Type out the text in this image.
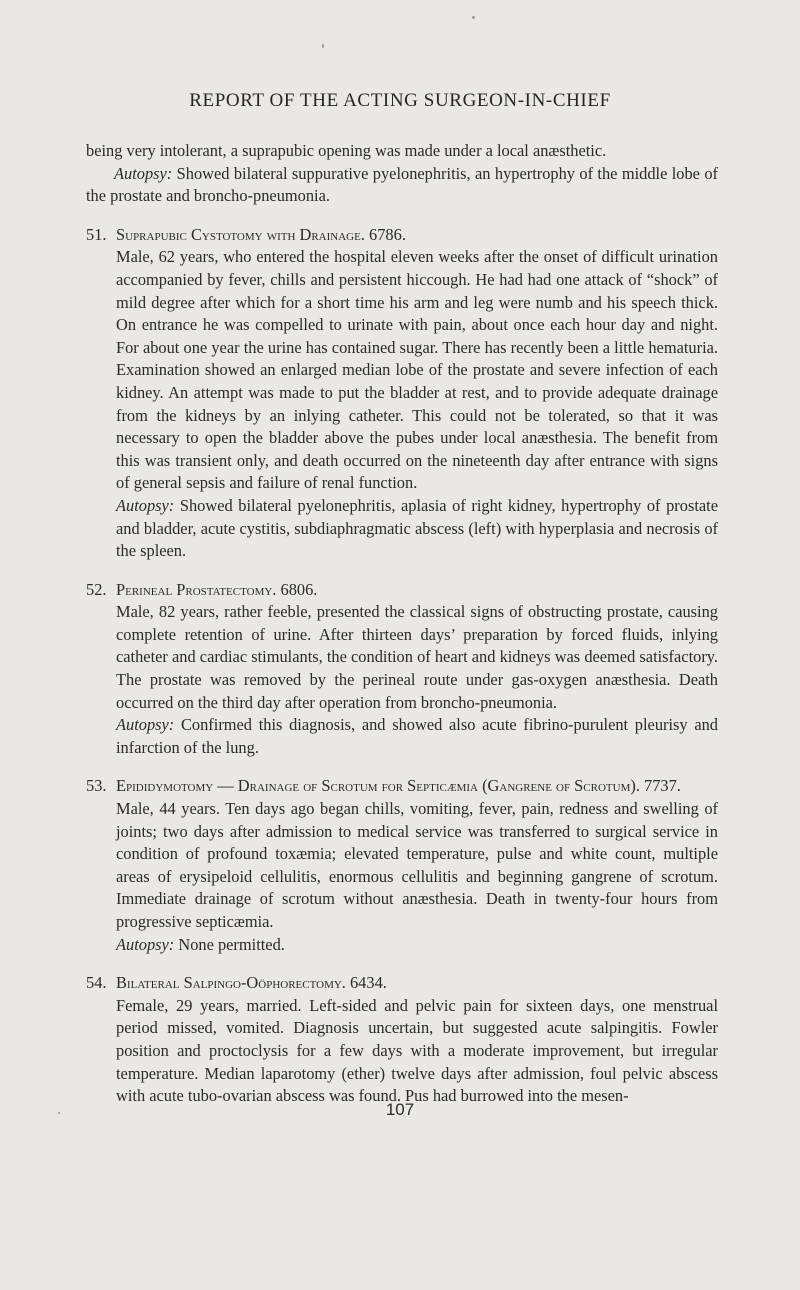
REPORT OF THE ACTING SURGEON-IN-CHIEF

being very intolerant, a suprapubic opening was made under a local anæsthetic.

Autopsy: Showed bilateral suppurative pyelonephritis, an hypertrophy of the middle lobe of the prostate and broncho-pneumonia.

51. Suprapubic Cystotomy with Drainage. 6786.

Male, 62 years, who entered the hospital eleven weeks after the onset of difficult urination accompanied by fever, chills and persistent hiccough. He had had one attack of “shock” of mild degree after which for a short time his arm and leg were numb and his speech thick. On entrance he was compelled to urinate with pain, about once each hour day and night. For about one year the urine has contained sugar. There has recently been a little hematuria. Examination showed an enlarged median lobe of the prostate and severe infection of each kidney. An attempt was made to put the bladder at rest, and to provide adequate drainage from the kidneys by an inlying catheter. This could not be tolerated, so that it was necessary to open the bladder above the pubes under local anæsthesia. The benefit from this was transient only, and death occurred on the nineteenth day after entrance with signs of general sepsis and failure of renal function.

Autopsy: Showed bilateral pyelonephritis, aplasia of right kidney, hypertrophy of prostate and bladder, acute cystitis, subdiaphragmatic abscess (left) with hyperplasia and necrosis of the spleen.

52. Perineal Prostatectomy. 6806.

Male, 82 years, rather feeble, presented the classical signs of obstructing prostate, causing complete retention of urine. After thirteen days’ preparation by forced fluids, inlying catheter and cardiac stimulants, the condition of heart and kidneys was deemed satisfactory. The prostate was removed by the perineal route under gas-oxygen anæsthesia. Death occurred on the third day after operation from broncho-pneumonia.

Autopsy: Confirmed this diagnosis, and showed also acute fibrino-purulent pleurisy and infarction of the lung.

53. Epididymotomy — Drainage of Scrotum for Septicæmia (Gangrene of Scrotum). 7737.

Male, 44 years. Ten days ago began chills, vomiting, fever, pain, redness and swelling of joints; two days after admission to medical service was transferred to surgical service in condition of profound toxæmia; elevated temperature, pulse and white count, multiple areas of erysipeloid cellulitis, enormous cellulitis and beginning gangrene of scrotum. Immediate drainage of scrotum without anæsthesia. Death in twenty-four hours from progressive septicæmia.

Autopsy: None permitted.

54. Bilateral Salpingo-Oöphorectomy. 6434.

Female, 29 years, married. Left-sided and pelvic pain for sixteen days, one menstrual period missed, vomited. Diagnosis uncertain, but suggested acute salpingitis. Fowler position and proctoclysis for a few days with a moderate improvement, but irregular temperature. Median laparotomy (ether) twelve days after admission, foul pelvic abscess with acute tubo-ovarian abscess was found. Pus had burrowed into the mesen-

107
